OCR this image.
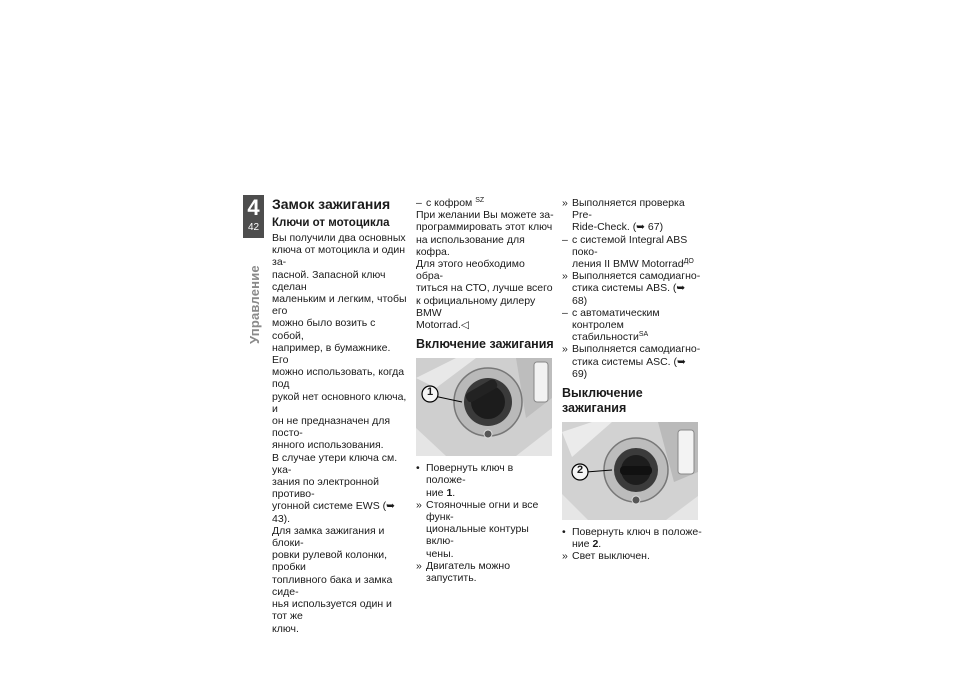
4
42
Управление
Замок зажигания
Ключи от мотоцикла

Вы получили два основных

ключа от мотоцикла и один за-

пасной. Запасной ключ сделан

маленьким и легким, чтобы его

можно было возить с собой,

например, в бумажнике. Его

можно использовать, когда под

рукой нет основного ключа, и

он не предназначен для посто-

янного использования.

В случае утери ключа см. ука-

зания по электронной противо-

угонной системе EWS (➥ 43).

Для замка зажигания и блоки-

ровки рулевой колонки, пробки

топливного бака и замка сиде-

нья используется один и тот же

ключ.

– с кофром $^{SZ}$

При желании Вы можете за-

программировать этот ключ

на использование для кофра.

Для этого необходимо обра-

титься на СТО, лучше всего

к официальному дилеру BMW

Motorrad.◁

Включение зажигания
1
• Повернуть ключ в положе-
ние 1.
» Стояночные огни и все функ-
циональные контуры вклю-
чены.
» Двигатель можно запустить.
» Выполняется проверка Pre-
Ride-Check. (➥ 67)
– с системой Integral ABS поко-
ления II BMW Motorrad$^{ДО}$
» Выполняется самодиагно-
стика системы ABS. (➥ 68)
– с автоматическим контролем
стабильности$^{SA}$
» Выполняется самодиагно-
стика системы ASC. (➥ 69)
Выключение зажигания
2
• Повернуть ключ в положе-
ние 2.
» Свет выключен.
